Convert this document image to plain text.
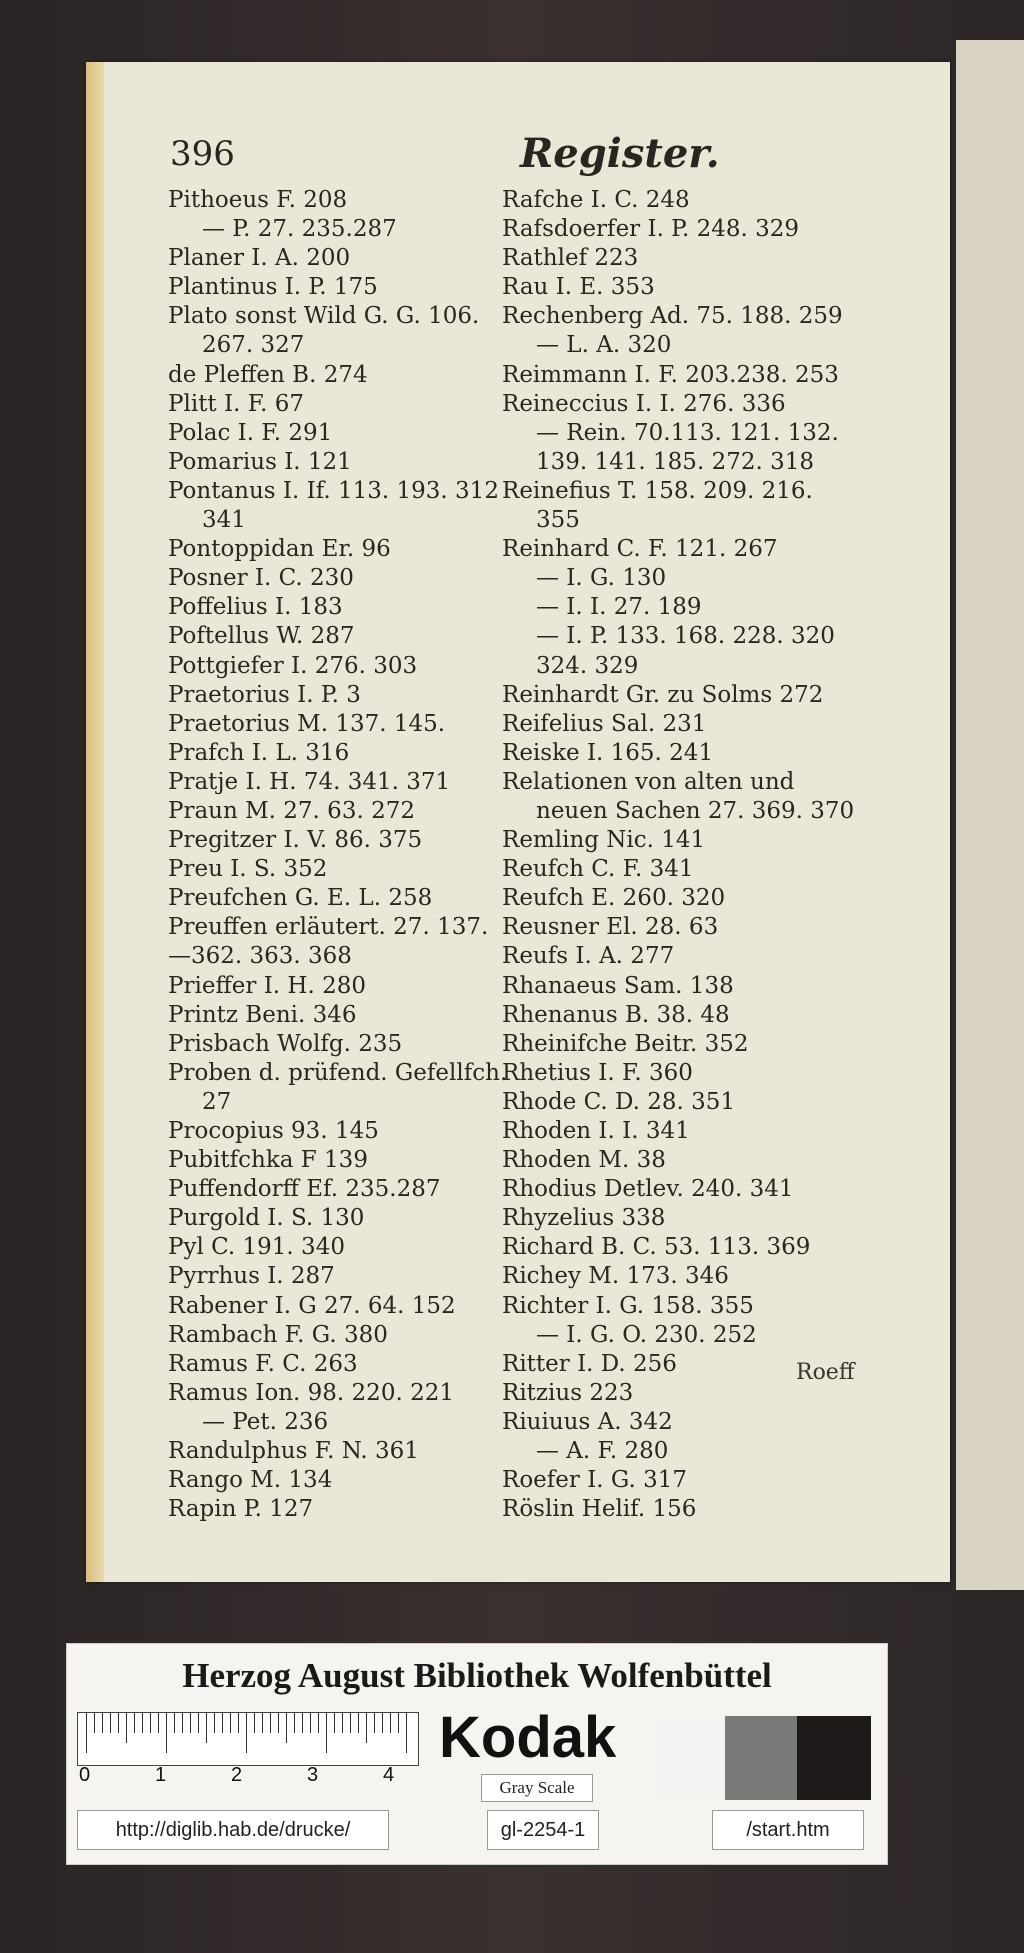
396	Register.
Pithoeus F. 208
— P. 27. 235.287
Planer I. A. 200
Plantinus I. P. 175
Plato sonst Wild G. G. 106.
267. 327
de Pleffen B. 274
Plitt I. F. 67
Polac I. F. 291
Pomarius I. 121
Pontanus I. If. 113. 193. 312
341
Pontoppidan Er. 96
Posner I. C. 230
Poffelius I. 183
Poftellus W. 287
Pottgiefer I. 276. 303
Praetorius I. P. 3
Praetorius M. 137. 145.
Prafch I. L. 316
Pratje I. H. 74. 341. 371
Praun M. 27. 63. 272
Pregitzer I. V. 86. 375
Preu I. S. 352
Preufchen G. E. L. 258
Preuffen erläutert. 27. 137.
—362. 363. 368
Prieffer I. H. 280
Printz Beni. 346
Prisbach Wolfg. 235
Proben d. prüfend. Gefellfch.
27
Procopius 93. 145
Pubitfchka F 139
Puffendorff Ef. 235.287
Purgold I. S. 130
Pyl C. 191. 340
Pyrrhus I. 287
Rabener I. G 27. 64. 152
Rambach F. G. 380
Ramus F. C. 263
Ramus Ion. 98. 220. 221
— Pet. 236
Randulphus F. N. 361
Rango M. 134
Rapin P. 127
Rafche I. C. 248
Rafsdoerfer I. P. 248. 329
Rathlef 223
Rau I. E. 353
Rechenberg Ad. 75. 188. 259
— L. A. 320
Reimmann I. F. 203.238. 253
Reineccius I. I. 276. 336
— Rein. 70.113. 121. 132.
139. 141. 185. 272. 318
Reinefius T. 158. 209. 216.
355
Reinhard C. F. 121. 267
— I. G. 130
— I. I. 27. 189
— I. P. 133. 168. 228. 320
324. 329
Reinhardt Gr. zu Solms 272
Reifelius Sal. 231
Reiske I. 165. 241
Relationen von alten und
neuen Sachen 27. 369. 370
Remling Nic. 141
Reufch C. F. 341
Reufch E. 260. 320
Reusner El. 28. 63
Reufs I. A. 277
Rhanaeus Sam. 138
Rhenanus B. 38. 48
Rheinifche Beitr. 352
Rhetius I. F. 360
Rhode C. D. 28. 351
Rhoden I. I. 341
Rhoden M. 38
Rhodius Detlev. 240. 341
Rhyzelius 338
Richard B. C. 53. 113. 369
Richey M. 173. 346
Richter I. G. 158. 355
— I. G. O. 230. 252
Ritter I. D. 256
Ritzius 223
Riuiuus A. 342
— A. F. 280
Roefer I. G. 317
Röslin Helif. 156
Roeff
Herzog August Bibliothek Wolfenbüttel
0	1	2	3	4
Kodak
Gray Scale
http://diglib.hab.de/drucke/	gl-2254-1	/start.htm
